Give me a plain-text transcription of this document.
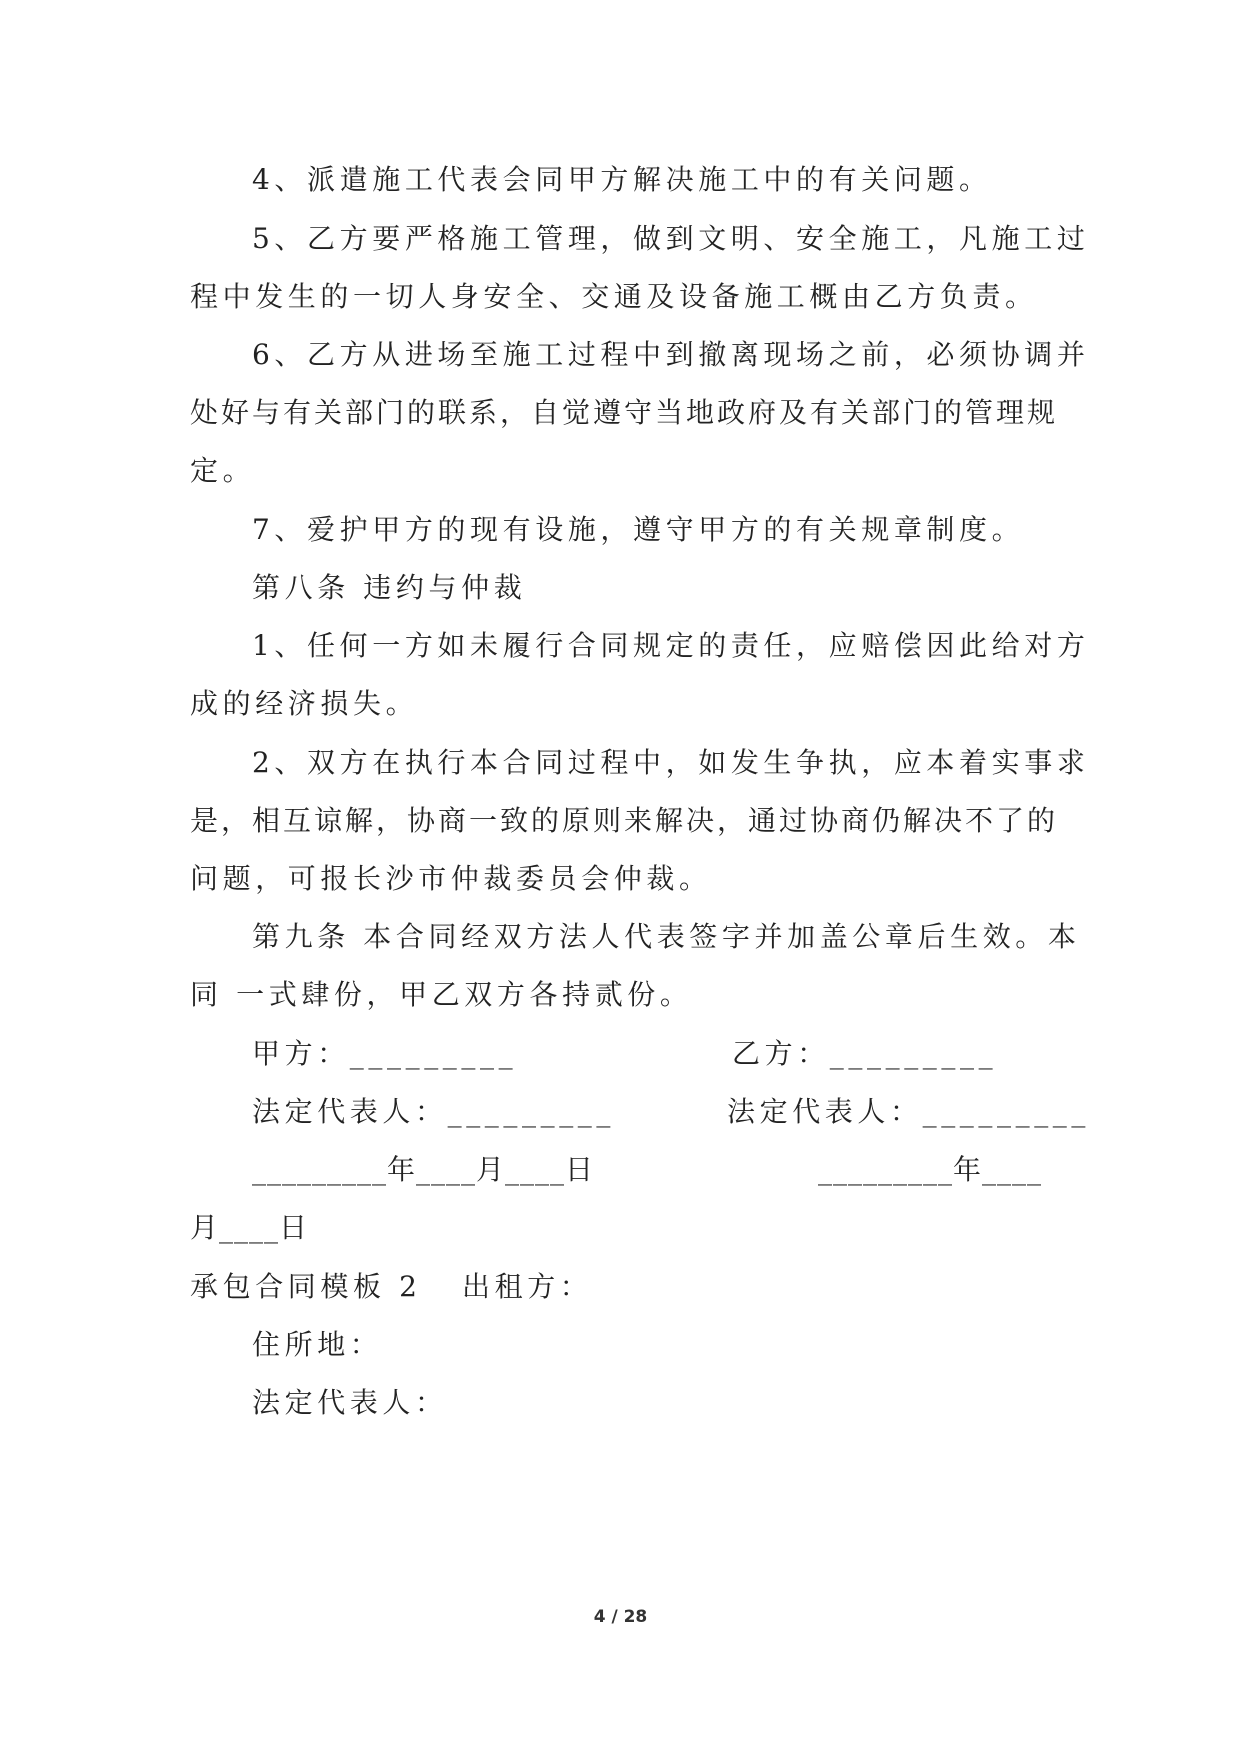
4、派遣施工代表会同甲方解决施工中的有关问题。
5、乙方要严格施工管理，做到文明、安全施工，凡施工过
程中发生的一切人身安全、交通及设备施工概由乙方负责。
6、乙方从进场至施工过程中到撤离现场之前，必须协调并
处好与有关部门的联系，自觉遵守当地政府及有关部门的管理规
定。
7、爱护甲方的现有设施，遵守甲方的有关规章制度。
第八条 违约与仲裁
1、任何一方如未履行合同规定的责任，应赔偿因此给对方
成的经济损失。
2、双方在执行本合同过程中，如发生争执，应本着实事求
是，相互谅解，协商一致的原则来解决，通过协商仍解决不了的
问题，可报长沙市仲裁委员会仲裁。
第九条 本合同经双方法人代表签字并加盖公章后生效。本
同 一式肆份，甲乙双方各持贰份。
甲方：_________	乙方：_________
法定代表人：_________	法定代表人：_________
_________年____月____日	_________年____
月____日
承包合同模板 2	出租方：
住所地：
法定代表人：
4 / 28
